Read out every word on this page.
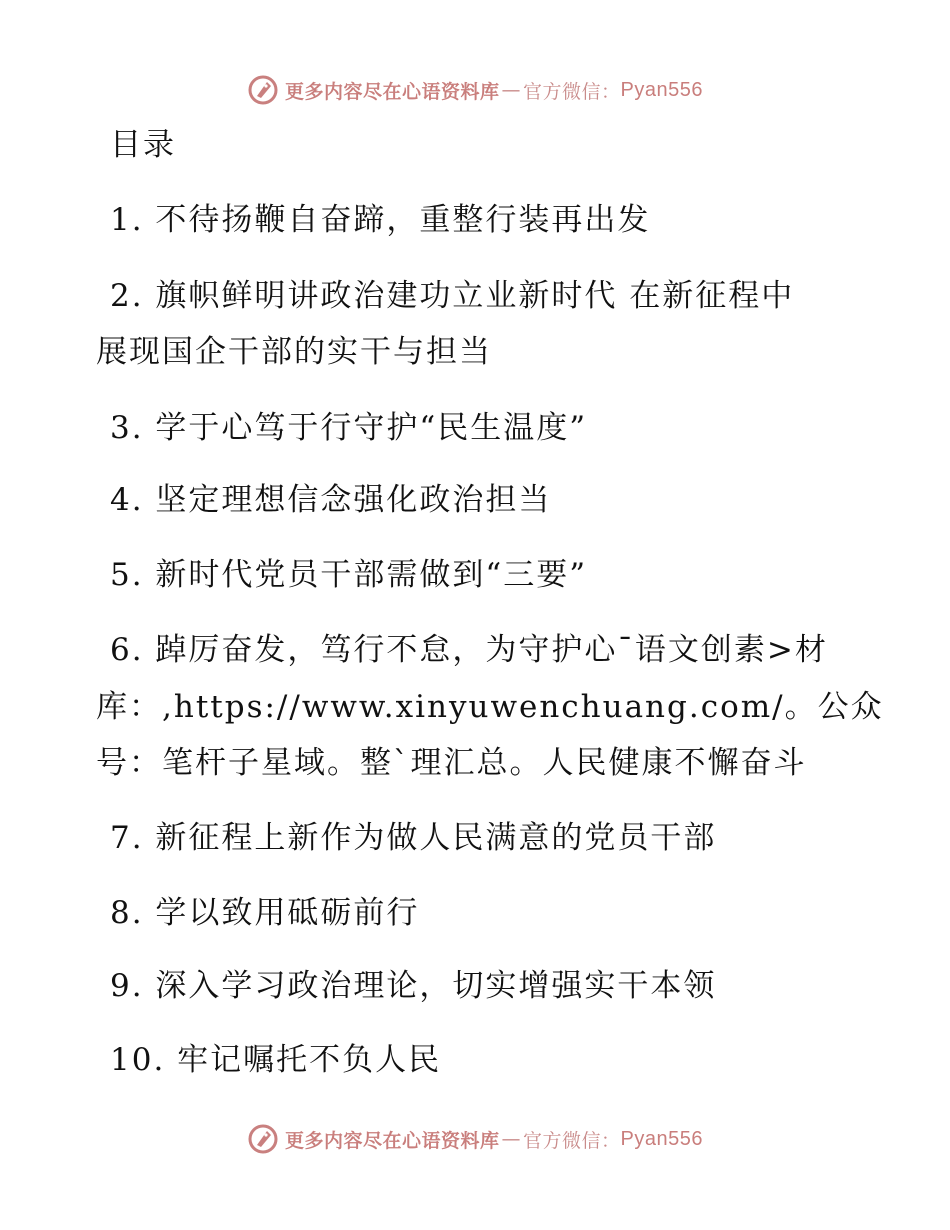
更多内容尽在心语资料库 — 官方微信： Pyan556
目录
1. 不待扬鞭自奋蹄，重整行装再出发
2. 旗帜鲜明讲政治建功立业新时代 在新征程中
展现国企干部的实干与担当
3. 学于心笃于行守护“民生温度”
4. 坚定理想信念强化政治担当
5. 新时代党员干部需做到“三要”
6. 踔厉奋发，笃行不怠，为守护心¯语文创素>材
库：,https://www.xinyuwenchuang.com/。公众
号：笔杆子星域。整`理汇总。人民健康不懈奋斗
7. 新征程上新作为做人民满意的党员干部
8. 学以致用砥砺前行
9. 深入学习政治理论，切实增强实干本领
10. 牢记嘱托不负人民
更多内容尽在心语资料库 — 官方微信： Pyan556
